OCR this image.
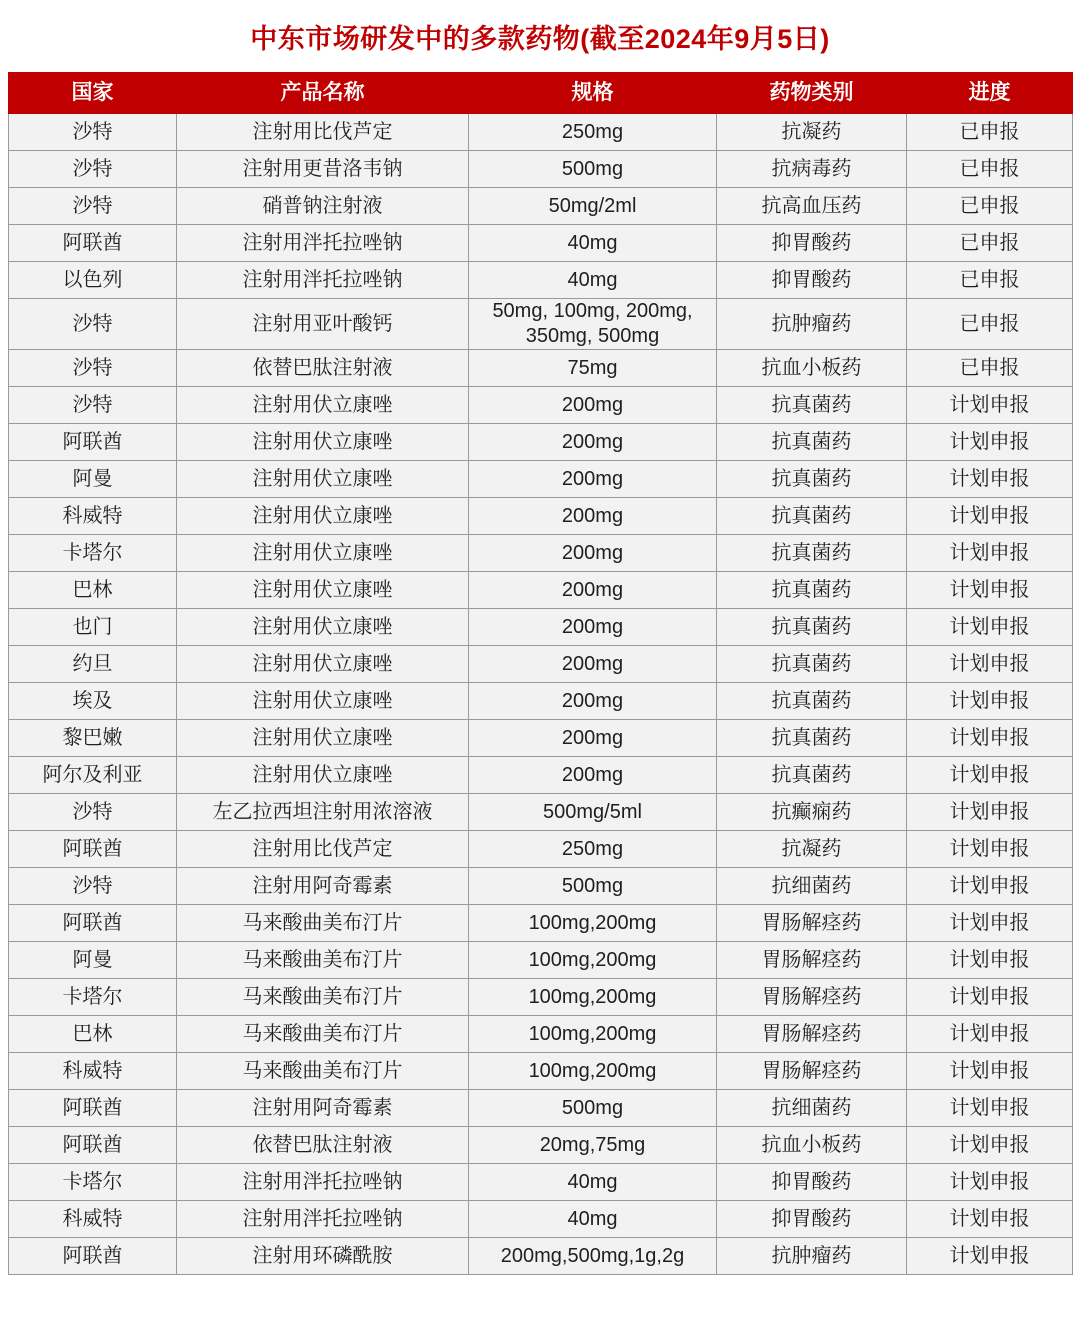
中东市场研发中的多款药物(截至2024年9月5日)
国家	产品名称	规格	药物类别	进度
沙特	注射用比伐芦定	250mg	抗凝药	已申报
沙特	注射用更昔洛韦钠	500mg	抗病毒药	已申报
沙特	硝普钠注射液	50mg/2ml	抗高血压药	已申报
阿联酋	注射用泮托拉唑钠	40mg	抑胃酸药	已申报
以色列	注射用泮托拉唑钠	40mg	抑胃酸药	已申报
沙特	注射用亚叶酸钙	50mg, 100mg, 200mg, 350mg, 500mg	抗肿瘤药	已申报
沙特	依替巴肽注射液	75mg	抗血小板药	已申报
沙特	注射用伏立康唑	200mg	抗真菌药	计划申报
阿联酋	注射用伏立康唑	200mg	抗真菌药	计划申报
阿曼	注射用伏立康唑	200mg	抗真菌药	计划申报
科威特	注射用伏立康唑	200mg	抗真菌药	计划申报
卡塔尔	注射用伏立康唑	200mg	抗真菌药	计划申报
巴林	注射用伏立康唑	200mg	抗真菌药	计划申报
也门	注射用伏立康唑	200mg	抗真菌药	计划申报
约旦	注射用伏立康唑	200mg	抗真菌药	计划申报
埃及	注射用伏立康唑	200mg	抗真菌药	计划申报
黎巴嫩	注射用伏立康唑	200mg	抗真菌药	计划申报
阿尔及利亚	注射用伏立康唑	200mg	抗真菌药	计划申报
沙特	左乙拉西坦注射用浓溶液	500mg/5ml	抗癫痫药	计划申报
阿联酋	注射用比伐芦定	250mg	抗凝药	计划申报
沙特	注射用阿奇霉素	500mg	抗细菌药	计划申报
阿联酋	马来酸曲美布汀片	100mg,200mg	胃肠解痉药	计划申报
阿曼	马来酸曲美布汀片	100mg,200mg	胃肠解痉药	计划申报
卡塔尔	马来酸曲美布汀片	100mg,200mg	胃肠解痉药	计划申报
巴林	马来酸曲美布汀片	100mg,200mg	胃肠解痉药	计划申报
科威特	马来酸曲美布汀片	100mg,200mg	胃肠解痉药	计划申报
阿联酋	注射用阿奇霉素	500mg	抗细菌药	计划申报
阿联酋	依替巴肽注射液	20mg,75mg	抗血小板药	计划申报
卡塔尔	注射用泮托拉唑钠	40mg	抑胃酸药	计划申报
科威特	注射用泮托拉唑钠	40mg	抑胃酸药	计划申报
阿联酋	注射用环磷酰胺	200mg,500mg,1g,2g	抗肿瘤药	计划申报
